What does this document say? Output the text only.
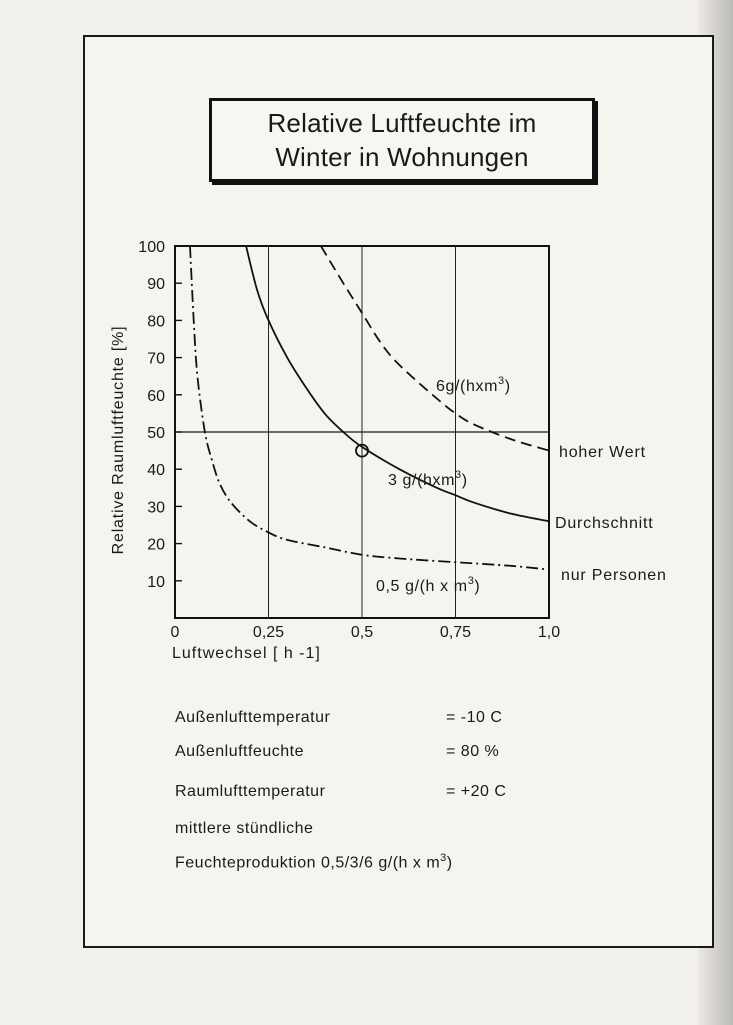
Relative Luftfeuchte im
Winter in Wohnungen
0	0,25	0,5	0,75	1,0
10
20
30
40
50
60
70
80
90
100
Relative Raumluftfeuchte [%]
Luftwechsel [ h -1]
6g/(hxm$^3$)
hoher Wert
3 g/(hxm$^3$)
Durchschnitt
0,5 g/(h x $m^3$)
nur Personen
Außenlufttemperatur	= -10 C
Außenluftfeuchte	= 80 %
Raumlufttemperatur	= +20 C
mittlere stündliche
Feuchteproduktion 0,5/3/6 g/(h x $m^3$)
